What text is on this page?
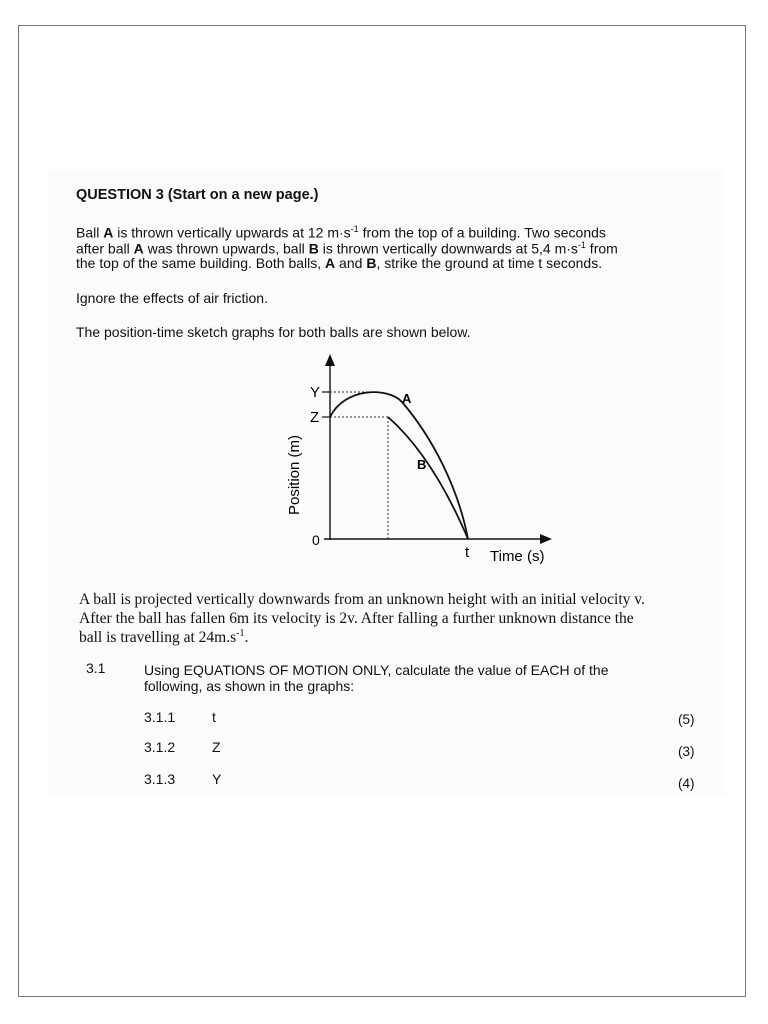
QUESTION 3 (Start on a new page.)
Ball A is thrown vertically upwards at 12 $m\cdot s^{-1}$ from the top of a building. Two seconds
after ball A was thrown upwards, ball B is thrown vertically downwards at 5,4 $m\cdot s^{-1}$ from
the top of the same building. Both balls, A and B, strike the ground at time t seconds.
Ignore the effects of air friction.
The position-time sketch graphs for both balls are shown below.
Y
Z
0
t Time (s)
Position (m)
A
B
A ball is projected vertically downwards from an unknown height with an initial velocity v.
After the ball has fallen 6m its velocity is 2v. After falling a further unknown distance the
ball is travelling at $24m.s^{-1}$.
3.1	Using EQUATIONS OF MOTION ONLY, calculate the value of EACH of the
following, as shown in the graphs:
3.1.1	t	(5)
3.1.2	Z	(3)
3.1.3	Y	(4)
